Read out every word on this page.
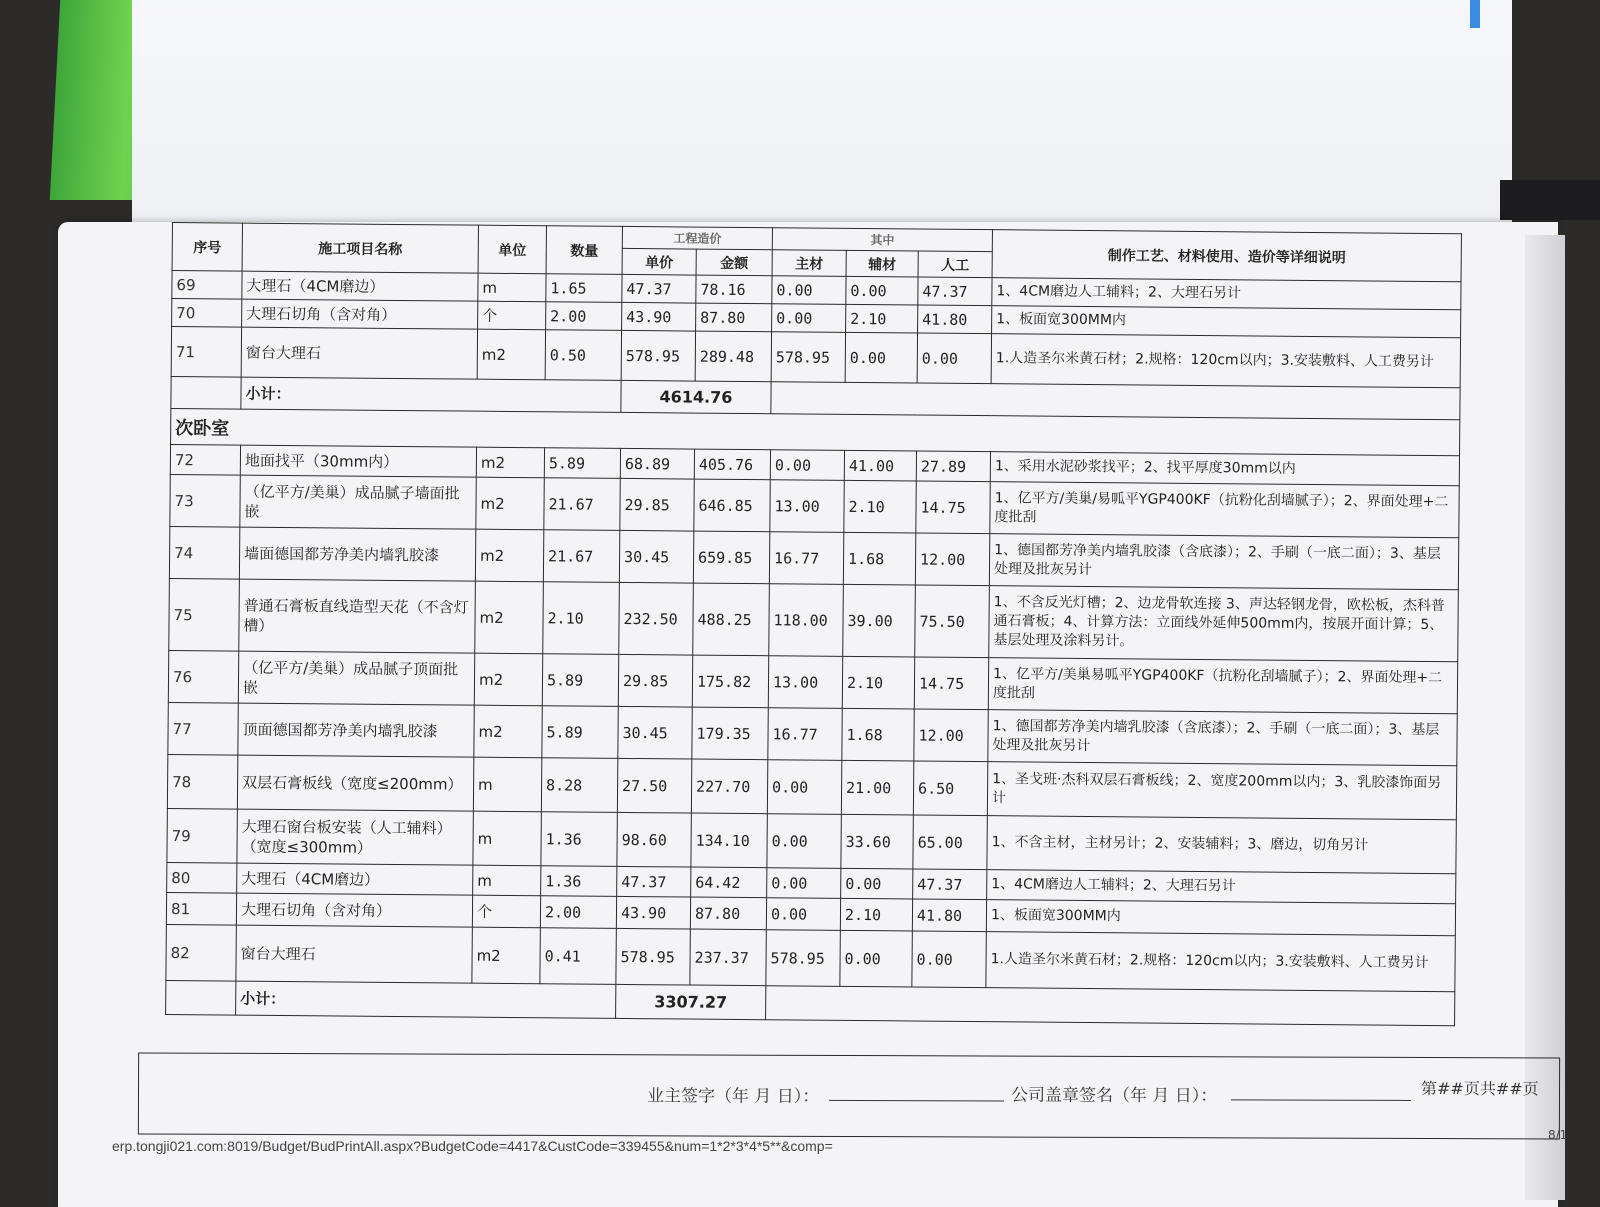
序号	施工项目名称	单位	数量	工程造价		其中			制作工艺、材料使用、造价等详细说明
				单价	金额	主材	辅材	人工	
69	大理石（4CM磨边）	m	1.65	47.37	78.16	0.00	0.00	47.37	1、4CM磨边人工辅料；2、大理石另计
70	大理石切角（含对角）	个	2.00	43.90	87.80	0.00	2.10	41.80	1、板面宽300MM内
71	窗台大理石	m2	0.50	578.95	289.48	578.95	0.00	0.00	1.人造圣尔米黄石材；2.规格：120cm以内；3.安装敷料、人工费另计
	小计：			4614.76					
次卧室									
72	地面找平（30mm内）	m2	5.89	68.89	405.76	0.00	41.00	27.89	1、采用水泥砂浆找平；2、找平厚度30mm以内
73	（亿平方/美巢）成品腻子墙面批嵌	m2	21.67	29.85	646.85	13.00	2.10	14.75	1、亿平方/美巢/易呱平YGP400KF（抗粉化刮墙腻子）；2、界面处理+二度批刮
74	墙面德国都芳净美内墙乳胶漆	m2	21.67	30.45	659.85	16.77	1.68	12.00	1、德国都芳净美内墙乳胶漆（含底漆）；2、手刷（一底二面）；3、基层处理及批灰另计
75	普通石膏板直线造型天花（不含灯槽）	m2	2.10	232.50	488.25	118.00	39.00	75.50	1、不含反光灯槽；2、边龙骨软连接 3、声达轻钢龙骨，欧松板，杰科普通石膏板；4、计算方法：立面线外延伸500mm内，按展开面计算；5、基层处理及涂料另计。
76	（亿平方/美巢）成品腻子顶面批嵌	m2	5.89	29.85	175.82	13.00	2.10	14.75	1、亿平方/美巢易呱平YGP400KF（抗粉化刮墙腻子）；2、界面处理+二度批刮
77	顶面德国都芳净美内墙乳胶漆	m2	5.89	30.45	179.35	16.77	1.68	12.00	1、德国都芳净美内墙乳胶漆（含底漆）；2、手刷（一底二面）；3、基层处理及批灰另计
78	双层石膏板线（宽度≤200mm）	m	8.28	27.50	227.70	0.00	21.00	6.50	1、圣戈班·杰科双层石膏板线；2、宽度200mm以内；3、乳胶漆饰面另计
79	大理石窗台板安装（人工辅料）（宽度≤300mm）	m	1.36	98.60	134.10	0.00	33.60	65.00	1、不含主材，主材另计；2、安装辅料；3、磨边，切角另计
80	大理石（4CM磨边）	m	1.36	47.37	64.42	0.00	0.00	47.37	1、4CM磨边人工辅料；2、大理石另计
81	大理石切角（含对角）	个	2.00	43.90	87.80	0.00	2.10	41.80	1、板面宽300MM内
82	窗台大理石	m2	0.41	578.95	237.37	578.95	0.00	0.00	1.人造圣尔米黄石材；2.规格：120cm以内；3.安装敷料、人工费另计
	小计：			3307.27					
业主签字（年 月 日）：	公司盖章签名（年 月 日）：	第##页共##页
erp.tongji021.com:8019/Budget/BudPrintAll.aspx?BudgetCode=4417&CustCode=339455&num=1*2*3*4*5**&comp=
8/1
